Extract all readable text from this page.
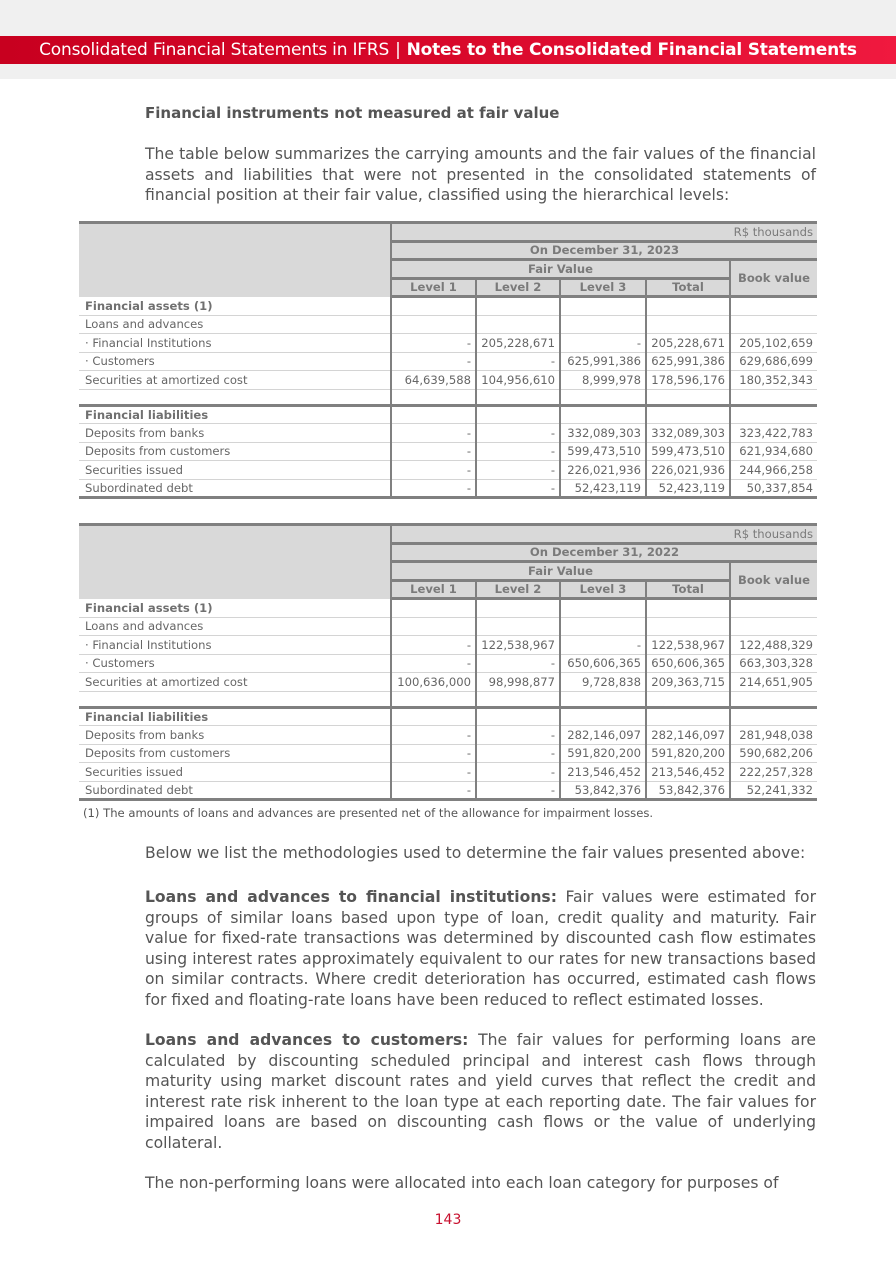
Consolidated Financial Statements in IFRS | Notes to the Consolidated Financial Statements
Financial instruments not measured at fair value
The table below summarizes the carrying amounts and the fair values of the financial assets and liabilities that were not presented in the consolidated statements of financial position at their fair value, classified using the hierarchical levels:
	R$ thousands				
	On December 31, 2023				
	Fair Value				Book value
	Level 1	Level 2	Level 3	Total	
Financial assets (1)					
Loans and advances					
· Financial Institutions	-	205,228,671	-	205,228,671	205,102,659
· Customers	-	-	625,991,386	625,991,386	629,686,699
Securities at amortized cost	64,639,588	104,956,610	8,999,978	178,596,176	180,352,343

Financial liabilities					
Deposits from banks	-	-	332,089,303	332,089,303	323,422,783
Deposits from customers	-	-	599,473,510	599,473,510	621,934,680
Securities issued	-	-	226,021,936	226,021,936	244,966,258
Subordinated debt	-	-	52,423,119	52,423,119	50,337,854
	R$ thousands				
	On December 31, 2022				
	Fair Value				Book value
	Level 1	Level 2	Level 3	Total	
Financial assets (1)					
Loans and advances					
· Financial Institutions	-	122,538,967	-	122,538,967	122,488,329
· Customers	-	-	650,606,365	650,606,365	663,303,328
Securities at amortized cost	100,636,000	98,998,877	9,728,838	209,363,715	214,651,905

Financial liabilities					
Deposits from banks	-	-	282,146,097	282,146,097	281,948,038
Deposits from customers	-	-	591,820,200	591,820,200	590,682,206
Securities issued	-	-	213,546,452	213,546,452	222,257,328
Subordinated debt	-	-	53,842,376	53,842,376	52,241,332
(1) The amounts of loans and advances are presented net of the allowance for impairment losses.
Below we list the methodologies used to determine the fair values presented above:
Loans and advances to financial institutions: Fair values were estimated for groups of similar loans based upon type of loan, credit quality and maturity. Fair value for fixed-rate transactions was determined by discounted cash flow estimates using interest rates approximately equivalent to our rates for new transactions based on similar contracts. Where credit deterioration has occurred, estimated cash flows for fixed and floating-rate loans have been reduced to reflect estimated losses.
Loans and advances to customers: The fair values for performing loans are calculated by discounting scheduled principal and interest cash flows through maturity using market discount rates and yield curves that reflect the credit and interest rate risk inherent to the loan type at each reporting date. The fair values for impaired loans are based on discounting cash flows or the value of underlying collateral.
The non-performing loans were allocated into each loan category for purposes of
143
